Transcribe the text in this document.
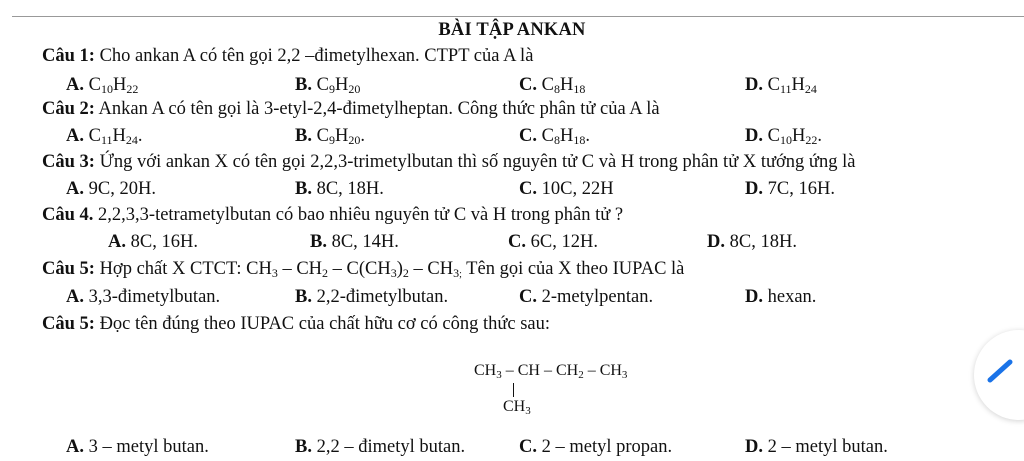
BÀI TẬP ANKAN
Câu 1: Cho ankan A có tên gọi 2,2 –đimetylhexan. CTPT của A là
A. $C_{10}H_{22}$	B. $C_9H_{20}$	C. $C_8H_{18}$	D. $C_{11}H_{24}$
Câu 2: Ankan A có tên gọi là 3-etyl-2,4-đimetylheptan. Công thức phân tử của A là
A. $C_{11}H_{24}$.	B. $C_9H_{20}$.	C. $C_8H_{18}$.	D. $C_{10}H_{22}$.
Câu 3: Ứng với ankan X có tên gọi 2,2,3-trimetylbutan thì số nguyên tử C và H trong phân tử X tướng ứng là
A. 9C, 20H.	B. 8C, 18H.	C. 10C, 22H	D. 7C, 16H.
Câu 4. 2,2,3,3-tetrametylbutan có bao nhiêu nguyên tử C và H trong phân tử ?
A. 8C, 16H.	B. 8C, 14H.	C. 6C, 12H.	D. 8C, 18H.
Câu 5: Hợp chất X CTCT: $CH_3 - CH_2 - C(CH_3)_2 - CH_3$; Tên gọi của X theo IUPAC là
A. 3,3-đimetylbutan.	B. 2,2-đimetylbutan.	C. 2-metylpentan.	D. hexan.
Câu 5: Đọc tên đúng theo IUPAC của chất hữu cơ có công thức sau:
$CH_3$ – CH – $CH_2 - CH_3$
$CH_3$
A. 3 – metyl butan.	B. 2,2 – đimetyl butan.	C. 2 – metyl propan.	D. 2 – metyl butan.
